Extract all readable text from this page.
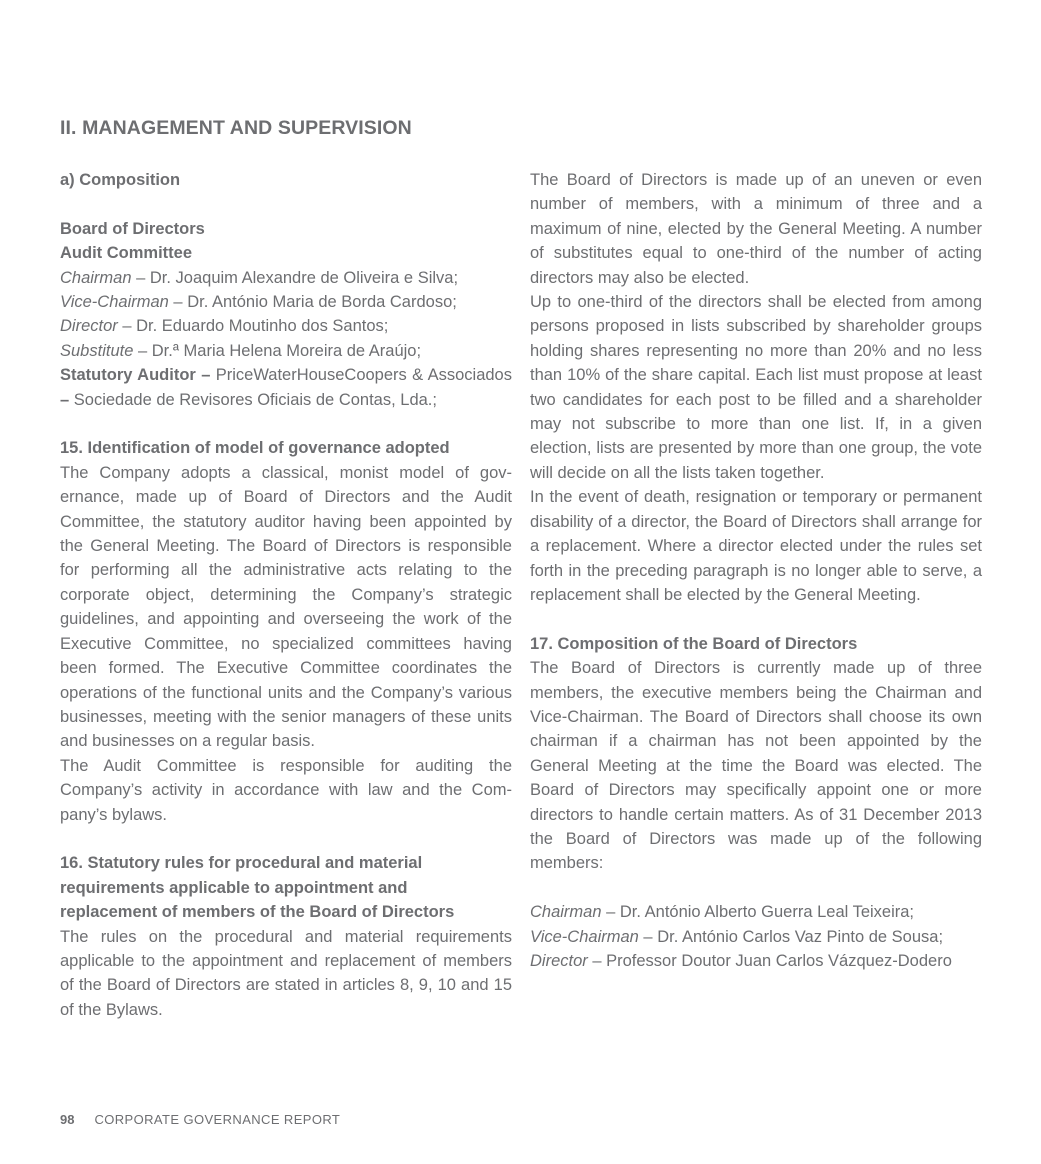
II. MANAGEMENT AND SUPERVISION
a) Composition
Board of Directors
Audit Committee
Chairman – Dr. Joaquim Alexandre de Oliveira e Silva;
Vice-Chairman – Dr. António Maria de Borda Cardoso;
Director – Dr. Eduardo Moutinho dos Santos;
Substitute – Dr.ª Maria Helena Moreira de Araújo;

Statutory Auditor – PriceWaterHouseCoopers & Associados – Sociedade de Revisores Oficiais de Contas, Lda.;

15. Identification of model of governance adopted

The Company adopts a classical, monist model of governance, made up of Board of Directors and the Audit Committee, the statutory auditor having been appointed by the General Meeting. The Board of Directors is responsible for performing all the administrative acts relating to the corporate object, determining the Company’s strategic guidelines, and appointing and overseeing the work of the Executive Committee, no specialized committees having been formed. The Executive Committee coordinates the operations of the functional units and the Company’s various businesses, meeting with the senior managers of these units and businesses on a regular basis.

The Audit Committee is responsible for auditing the Company’s activity in accordance with law and the Company’s bylaws.

16. Statutory rules for procedural and material
requirements applicable to appointment and
replacement of members of the Board of Directors

The rules on the procedural and material requirements applicable to the appointment and replacement of members of the Board of Directors are stated in articles 8, 9, 10 and 15 of the Bylaws.

The Board of Directors is made up of an uneven or even number of members, with a minimum of three and a maximum of nine, elected by the General Meeting. A number of substitutes equal to one-third of the number of acting directors may also be elected.

Up to one-third of the directors shall be elected from among persons proposed in lists subscribed by shareholder groups holding shares representing no more than 20% and no less than 10% of the share capital. Each list must propose at least two candidates for each post to be filled and a shareholder may not subscribe to more than one list. If, in a given election, lists are presented by more than one group, the vote will decide on all the lists taken together.

In the event of death, resignation or temporary or permanent disability of a director, the Board of Directors shall arrange for a replacement. Where a director elected under the rules set forth in the preceding paragraph is no longer able to serve, a replacement shall be elected by the General Meeting.

17. Composition of the Board of Directors

The Board of Directors is currently made up of three members, the executive members being the Chairman and Vice-Chairman. The Board of Directors shall choose its own chairman if a chairman has not been appointed by the General Meeting at the time the Board was elected. The Board of Directors may specifically appoint one or more directors to handle certain matters. As of 31 December 2013 the Board of Directors was made up of the following members:

Chairman – Dr. António Alberto Guerra Leal Teixeira;
Vice-Chairman – Dr. António Carlos Vaz Pinto de Sousa;
Director – Professor Doutor Juan Carlos Vázquez-Dodero
98 CORPORATE GOVERNANCE REPORT
